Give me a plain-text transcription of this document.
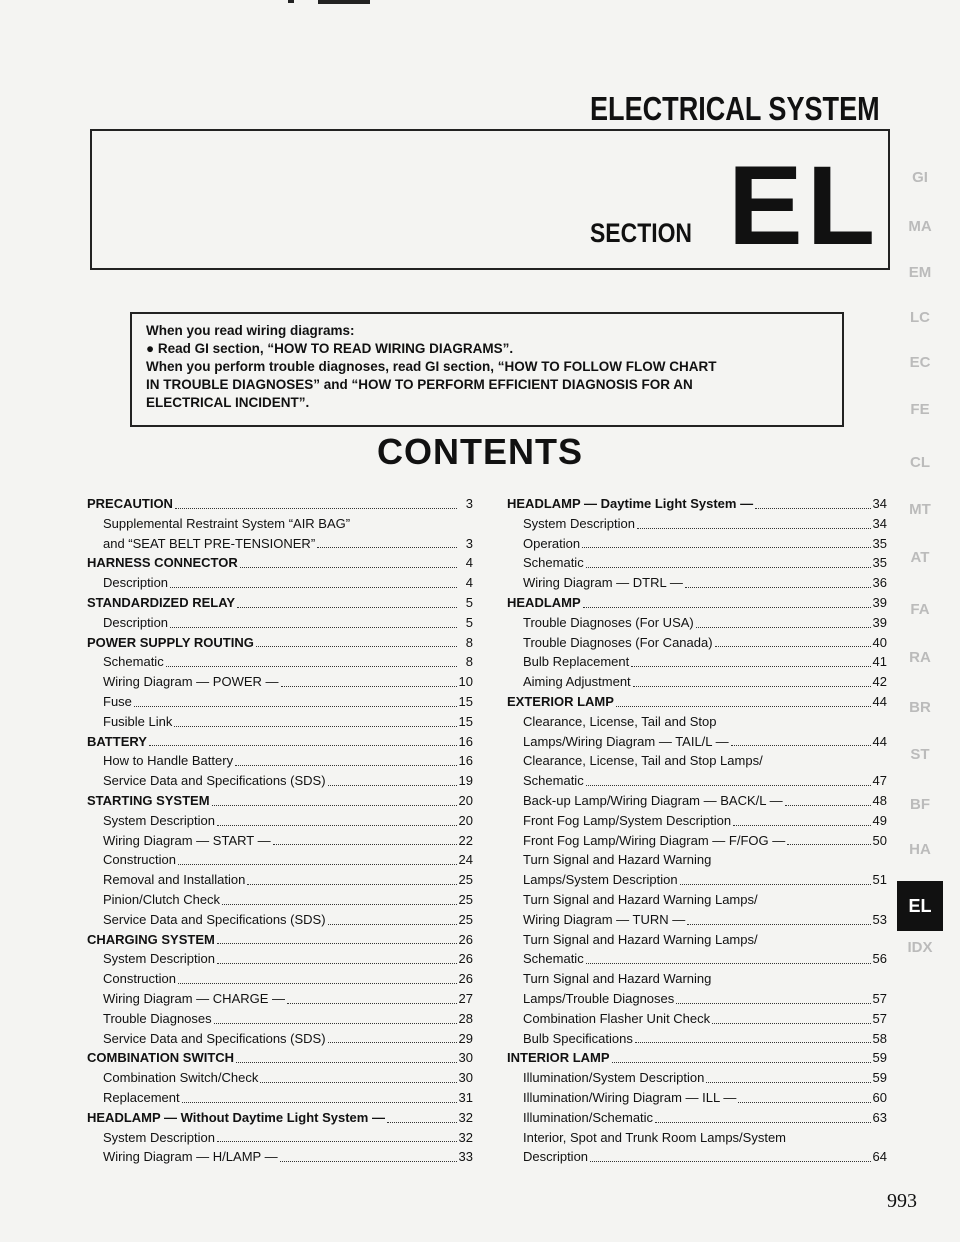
ELECTRICAL SYSTEM
SECTION EL
When you read wiring diagrams:
● Read GI section, “HOW TO READ WIRING DIAGRAMS”.
When you perform trouble diagnoses, read GI section, “HOW TO FOLLOW FLOW CHART
IN TROUBLE DIAGNOSES” and “HOW TO PERFORM EFFICIENT DIAGNOSIS FOR AN
ELECTRICAL INCIDENT”.
CONTENTS
GI
MA
EM
LC
EC
FE
CL
MT
AT
FA
RA
BR
ST
BF
HA
EL
IDX
PRECAUTION	3
Supplemental Restraint System “AIR BAG”
and “SEAT BELT PRE-TENSIONER”	3
HARNESS CONNECTOR	4
Description	4
STANDARDIZED RELAY	5
Description	5
POWER SUPPLY ROUTING	8
Schematic	8
Wiring Diagram — POWER —	10
Fuse	15
Fusible Link	15
BATTERY	16
How to Handle Battery	16
Service Data and Specifications (SDS)	19
STARTING SYSTEM	20
System Description	20
Wiring Diagram — START —	22
Construction	24
Removal and Installation	25
Pinion/Clutch Check	25
Service Data and Specifications (SDS)	25
CHARGING SYSTEM	26
System Description	26
Construction	26
Wiring Diagram — CHARGE —	27
Trouble Diagnoses	28
Service Data and Specifications (SDS)	29
COMBINATION SWITCH	30
Combination Switch/Check	30
Replacement	31
HEADLAMP — Without Daytime Light System —	32
System Description	32
Wiring Diagram — H/LAMP —	33
HEADLAMP — Daytime Light System —	34
System Description	34
Operation	35
Schematic	35
Wiring Diagram — DTRL —	36
HEADLAMP	39
Trouble Diagnoses (For USA)	39
Trouble Diagnoses (For Canada)	40
Bulb Replacement	41
Aiming Adjustment	42
EXTERIOR LAMP	44
Clearance, License, Tail and Stop
Lamps/Wiring Diagram — TAIL/L —	44
Clearance, License, Tail and Stop Lamps/
Schematic	47
Back-up Lamp/Wiring Diagram — BACK/L —	48
Front Fog Lamp/System Description	49
Front Fog Lamp/Wiring Diagram — F/FOG —	50
Turn Signal and Hazard Warning
Lamps/System Description	51
Turn Signal and Hazard Warning Lamps/
Wiring Diagram — TURN —	53
Turn Signal and Hazard Warning Lamps/
Schematic	56
Turn Signal and Hazard Warning
Lamps/Trouble Diagnoses	57
Combination Flasher Unit Check	57
Bulb Specifications	58
INTERIOR LAMP	59
Illumination/System Description	59
Illumination/Wiring Diagram — ILL —	60
Illumination/Schematic	63
Interior, Spot and Trunk Room Lamps/System
Description	64
993
